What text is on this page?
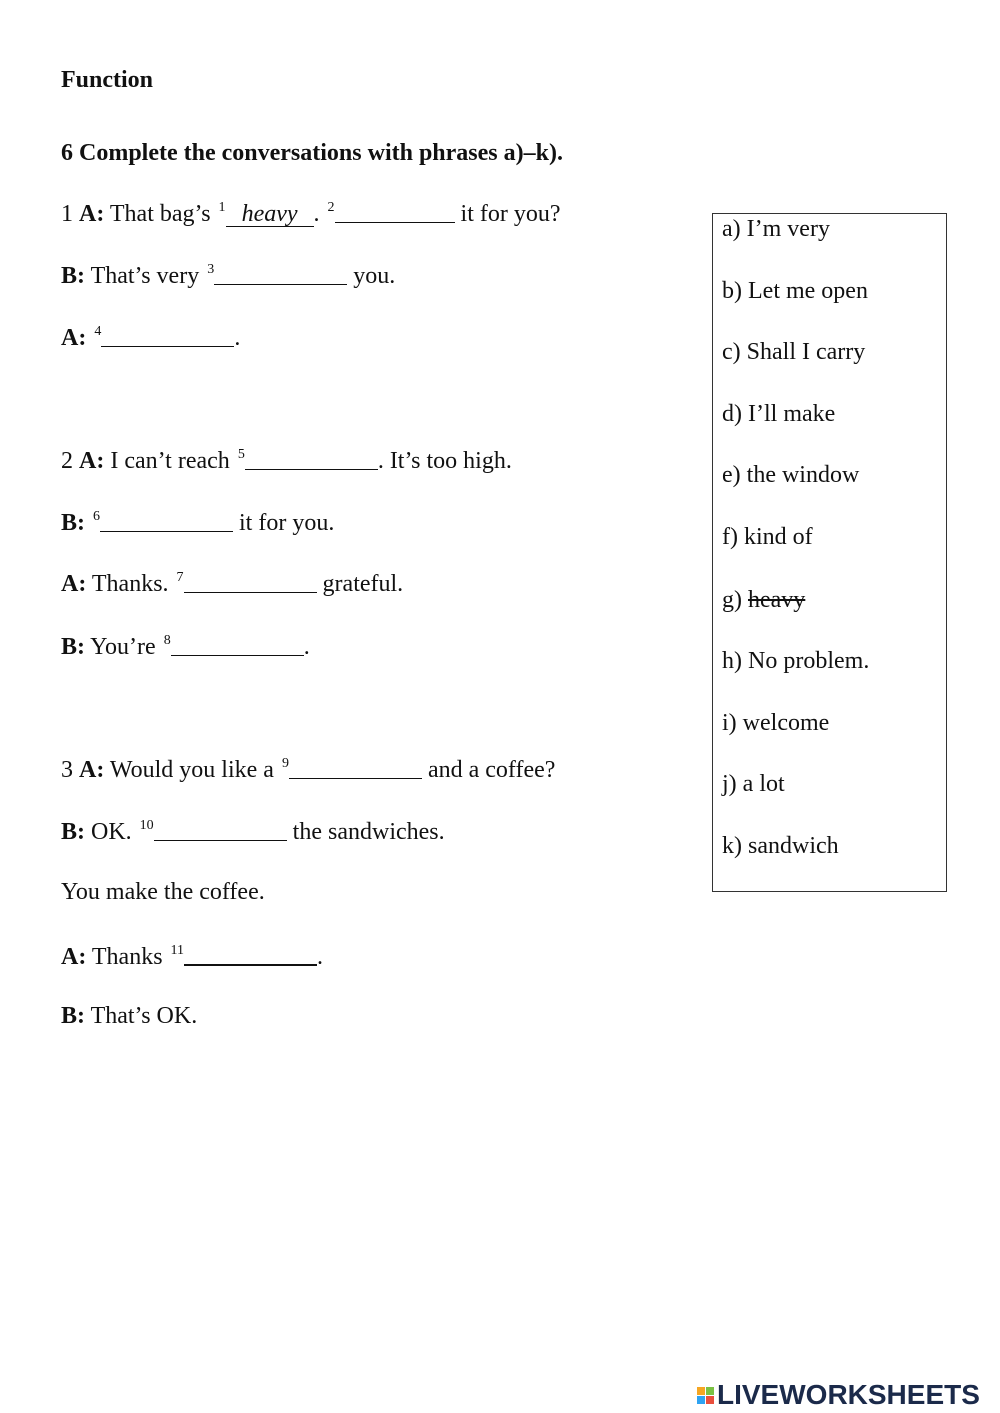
Function
6 Complete the conversations with phrases a)–k).
1 A: That bag’s $^1$ heavy . $^2$	it for you?
B: That’s very $^3$	you.
A: $^4$	.
2 A: I can’t reach $^5$	. It’s too high.
B: $^6$	it for you.
A: Thanks. $^7$	grateful.
B: You’re $^8$	.
3 A: Would you like a $^9$	and a coffee?
B: OK. $^{10}$	the sandwiches.
You make the coffee.
A: Thanks $^{11}$	.
B: That’s OK.
a) I’m very
b) Let me open
c) Shall I carry
d) I’ll make
e) the window
f) kind of
g) heavy
h) No problem.
i) welcome
j) a lot
k) sandwich
LIVEWORKSHEETS
